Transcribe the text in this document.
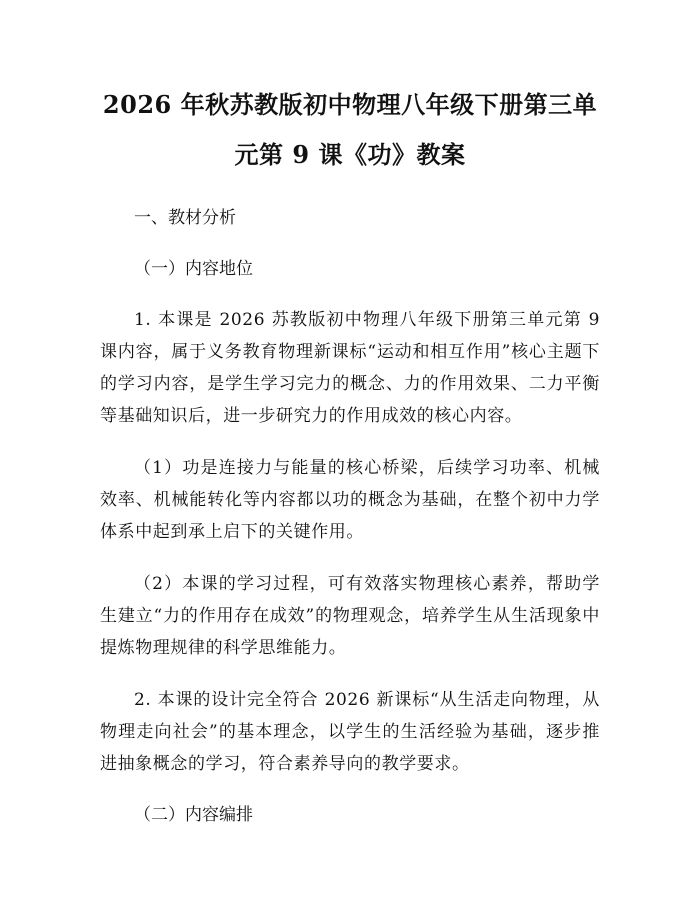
2026 年秋苏教版初中物理八年级下册第三单
元第 9 课《功》教案

一、教材分析

（一）内容地位

1. 本课是 2026 苏教版初中物理八年级下册第三单元第 9 课内容，属于义务教育物理新课标“运动和相互作用”核心主题下的学习内容，是学生学习完力的概念、力的作用效果、二力平衡等基础知识后，进一步研究力的作用成效的核心内容。

（1）功是连接力与能量的核心桥梁，后续学习功率、机械效率、机械能转化等内容都以功的概念为基础，在整个初中力学体系中起到承上启下的关键作用。

（2）本课的学习过程，可有效落实物理核心素养，帮助学生建立“力的作用存在成效”的物理观念，培养学生从生活现象中提炼物理规律的科学思维能力。

2. 本课的设计完全符合 2026 新课标“从生活走向物理，从物理走向社会”的基本理念，以学生的生活经验为基础，逐步推进抽象概念的学习，符合素养导向的教学要求。

（二）内容编排
